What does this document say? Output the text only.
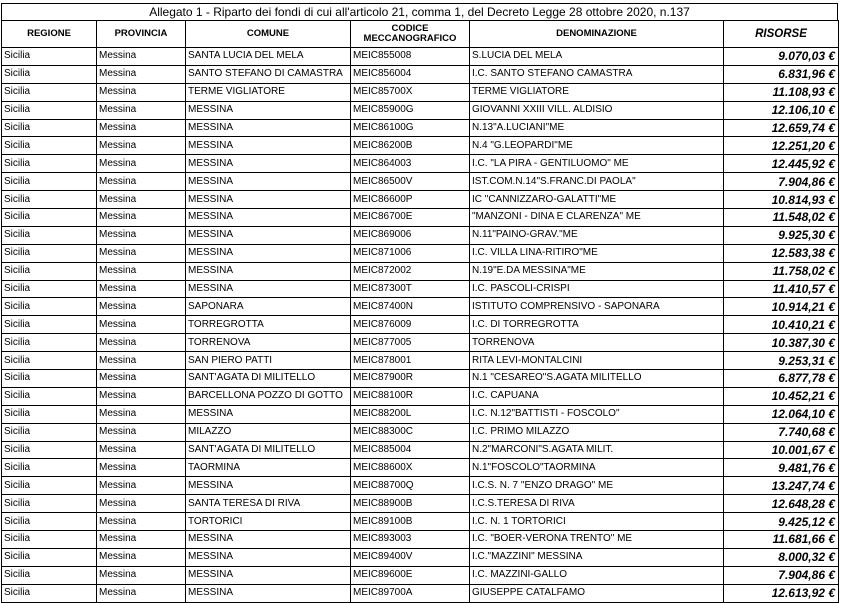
Allegato 1 - Riparto dei fondi di cui all'articolo 21, comma 1, del Decreto Legge 28 ottobre 2020, n.137
REGIONE	PROVINCIA	COMUNE	CODICE MECCANOGRAFICO	DENOMINAZIONE	RISORSE
Sicilia	Messina	SANTA LUCIA DEL MELA	MEIC855008	S.LUCIA DEL MELA	9.070,03 €
Sicilia	Messina	SANTO STEFANO DI CAMASTRA	MEIC856004	I.C. SANTO STEFANO CAMASTRA	6.831,96 €
Sicilia	Messina	TERME VIGLIATORE	MEIC85700X	TERME VIGLIATORE	11.108,93 €
Sicilia	Messina	MESSINA	MEIC85900G	GIOVANNI XXIII VILL. ALDISIO	12.106,10 €
Sicilia	Messina	MESSINA	MEIC86100G	N.13"A.LUCIANI"ME	12.659,74 €
Sicilia	Messina	MESSINA	MEIC86200B	N.4 "G.LEOPARDI"ME	12.251,20 €
Sicilia	Messina	MESSINA	MEIC864003	I.C. "LA PIRA - GENTILUOMO" ME	12.445,92 €
Sicilia	Messina	MESSINA	MEIC86500V	IST.COM.N.14"S.FRANC.DI PAOLA"	7.904,86 €
Sicilia	Messina	MESSINA	MEIC86600P	IC "CANNIZZARO-GALATTI"ME	10.814,93 €
Sicilia	Messina	MESSINA	MEIC86700E	"MANZONI - DINA E CLARENZA" ME	11.548,02 €
Sicilia	Messina	MESSINA	MEIC869006	N.11"PAINO-GRAV."ME	9.925,30 €
Sicilia	Messina	MESSINA	MEIC871006	I.C. VILLA LINA-RITIRO"ME	12.583,38 €
Sicilia	Messina	MESSINA	MEIC872002	N.19"E.DA MESSINA"ME	11.758,02 €
Sicilia	Messina	MESSINA	MEIC87300T	I.C. PASCOLI-CRISPI	11.410,57 €
Sicilia	Messina	SAPONARA	MEIC87400N	ISTITUTO COMPRENSIVO - SAPONARA	10.914,21 €
Sicilia	Messina	TORREGROTTA	MEIC876009	I.C. DI TORREGROTTA	10.410,21 €
Sicilia	Messina	TORRENOVA	MEIC877005	TORRENOVA	10.387,30 €
Sicilia	Messina	SAN PIERO PATTI	MEIC878001	RITA LEVI-MONTALCINI	9.253,31 €
Sicilia	Messina	SANT'AGATA DI MILITELLO	MEIC87900R	N.1 "CESAREO"S.AGATA MILITELLO	6.877,78 €
Sicilia	Messina	BARCELLONA POZZO DI GOTTO	MEIC88100R	I.C. CAPUANA	10.452,21 €
Sicilia	Messina	MESSINA	MEIC88200L	I.C. N.12"BATTISTI - FOSCOLO"	12.064,10 €
Sicilia	Messina	MILAZZO	MEIC88300C	I.C. PRIMO MILAZZO	7.740,68 €
Sicilia	Messina	SANT'AGATA DI MILITELLO	MEIC885004	N.2"MARCONI"S.AGATA MILIT.	10.001,67 €
Sicilia	Messina	TAORMINA	MEIC88600X	N.1"FOSCOLO"TAORMINA	9.481,76 €
Sicilia	Messina	MESSINA	MEIC88700Q	I.C.S. N. 7 "ENZO DRAGO" ME	13.247,74 €
Sicilia	Messina	SANTA TERESA DI RIVA	MEIC88900B	I.C.S.TERESA DI RIVA	12.648,28 €
Sicilia	Messina	TORTORICI	MEIC89100B	I.C. N. 1 TORTORICI	9.425,12 €
Sicilia	Messina	MESSINA	MEIC893003	I.C. "BOER-VERONA TRENTO" ME	11.681,66 €
Sicilia	Messina	MESSINA	MEIC89400V	I.C."MAZZINI" MESSINA	8.000,32 €
Sicilia	Messina	MESSINA	MEIC89600E	I.C. MAZZINI-GALLO	7.904,86 €
Sicilia	Messina	MESSINA	MEIC89700A	GIUSEPPE CATALFAMO	12.613,92 €
